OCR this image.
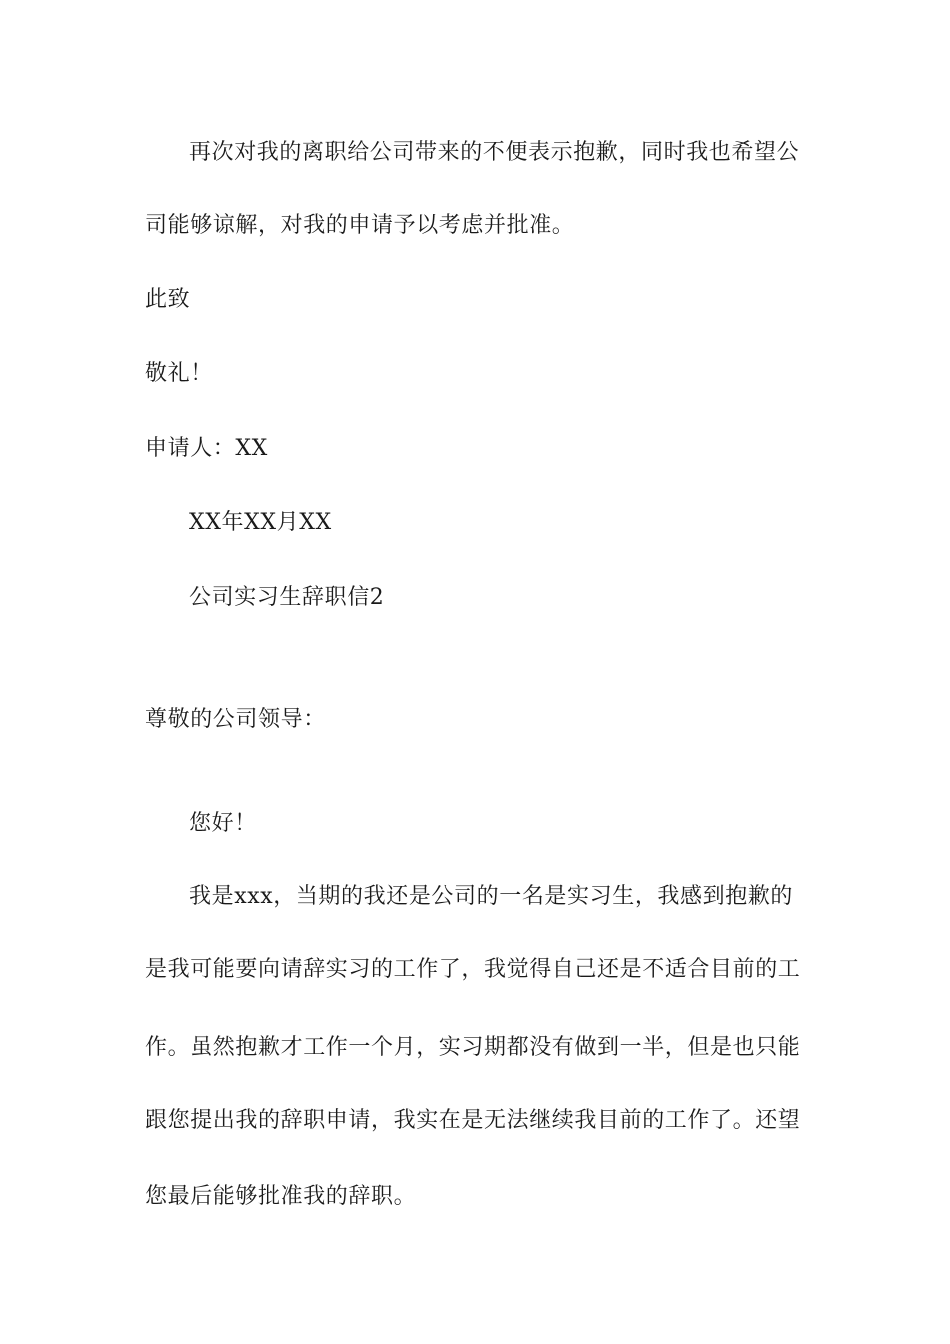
再次对我的离职给公司带来的不便表示抱歉，同时我也希望公
司能够谅解，对我的申请予以考虑并批准。
此致
敬礼！
申请人：XX
XX年XX月XX
公司实习生辞职信2
尊敬的公司领导：
您好！
我是xxx，当期的我还是公司的一名是实习生，我感到抱歉的
是我可能要向请辞实习的工作了，我觉得自己还是不适合目前的工
作。虽然抱歉才工作一个月，实习期都没有做到一半，但是也只能
跟您提出我的辞职申请，我实在是无法继续我目前的工作了。还望
您最后能够批准我的辞职。
